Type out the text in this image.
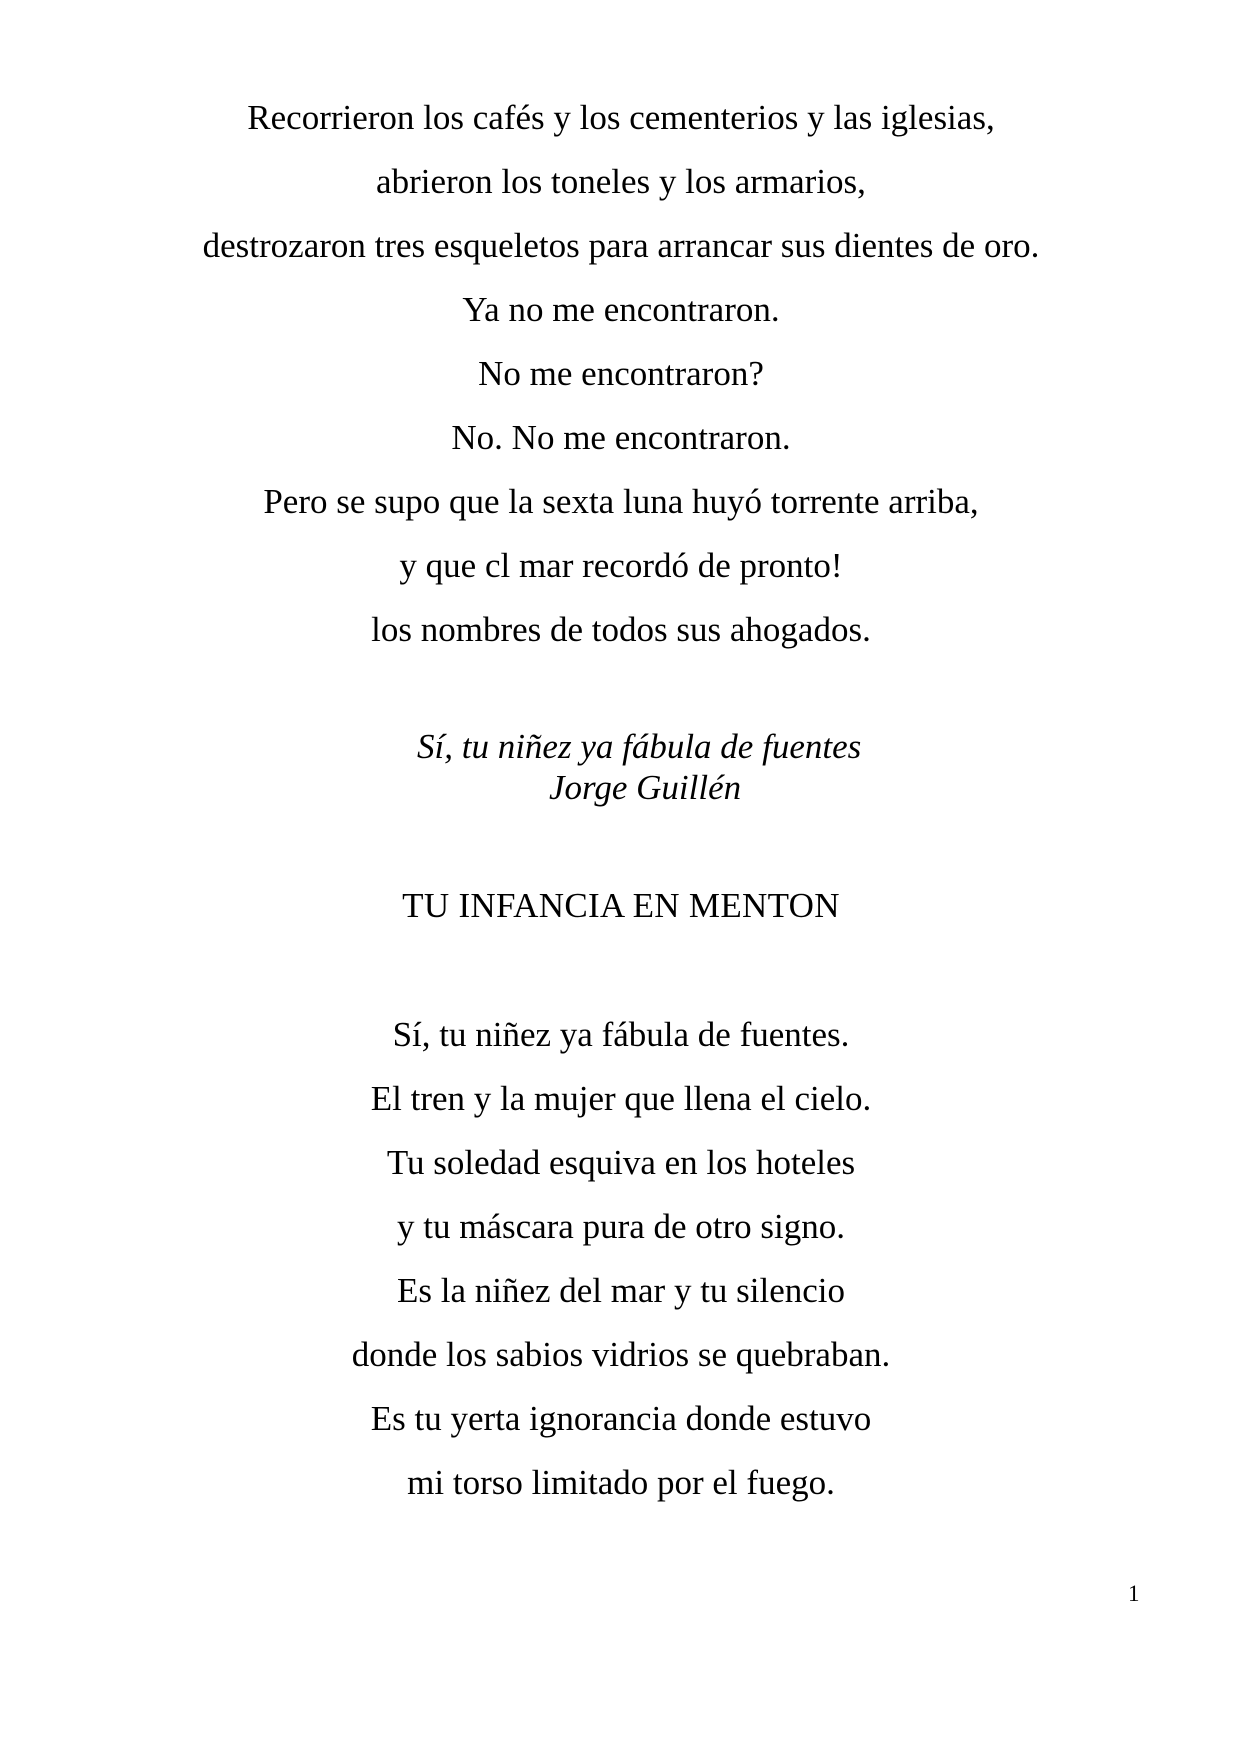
Recorrieron los cafés y los cementerios y las iglesias,
abrieron los toneles y los armarios,
destrozaron tres esqueletos para arrancar sus dientes de oro.
Ya no me encontraron.
No me encontraron?
No. No me encontraron.
Pero se supo que la sexta luna huyó torrente arriba,
y que cl mar recordó de pronto!
los nombres de todos sus ahogados.
Sí, tu niñez ya fábula de fuentes
Jorge Guillén
TU INFANCIA EN MENTON
Sí, tu niñez ya fábula de fuentes.
El tren y la mujer que llena el cielo.
Tu soledad esquiva en los hoteles
y tu máscara pura de otro signo.
Es la niñez del mar y tu silencio
donde los sabios vidrios se quebraban.
Es tu yerta ignorancia donde estuvo
mi torso limitado por el fuego.
1
